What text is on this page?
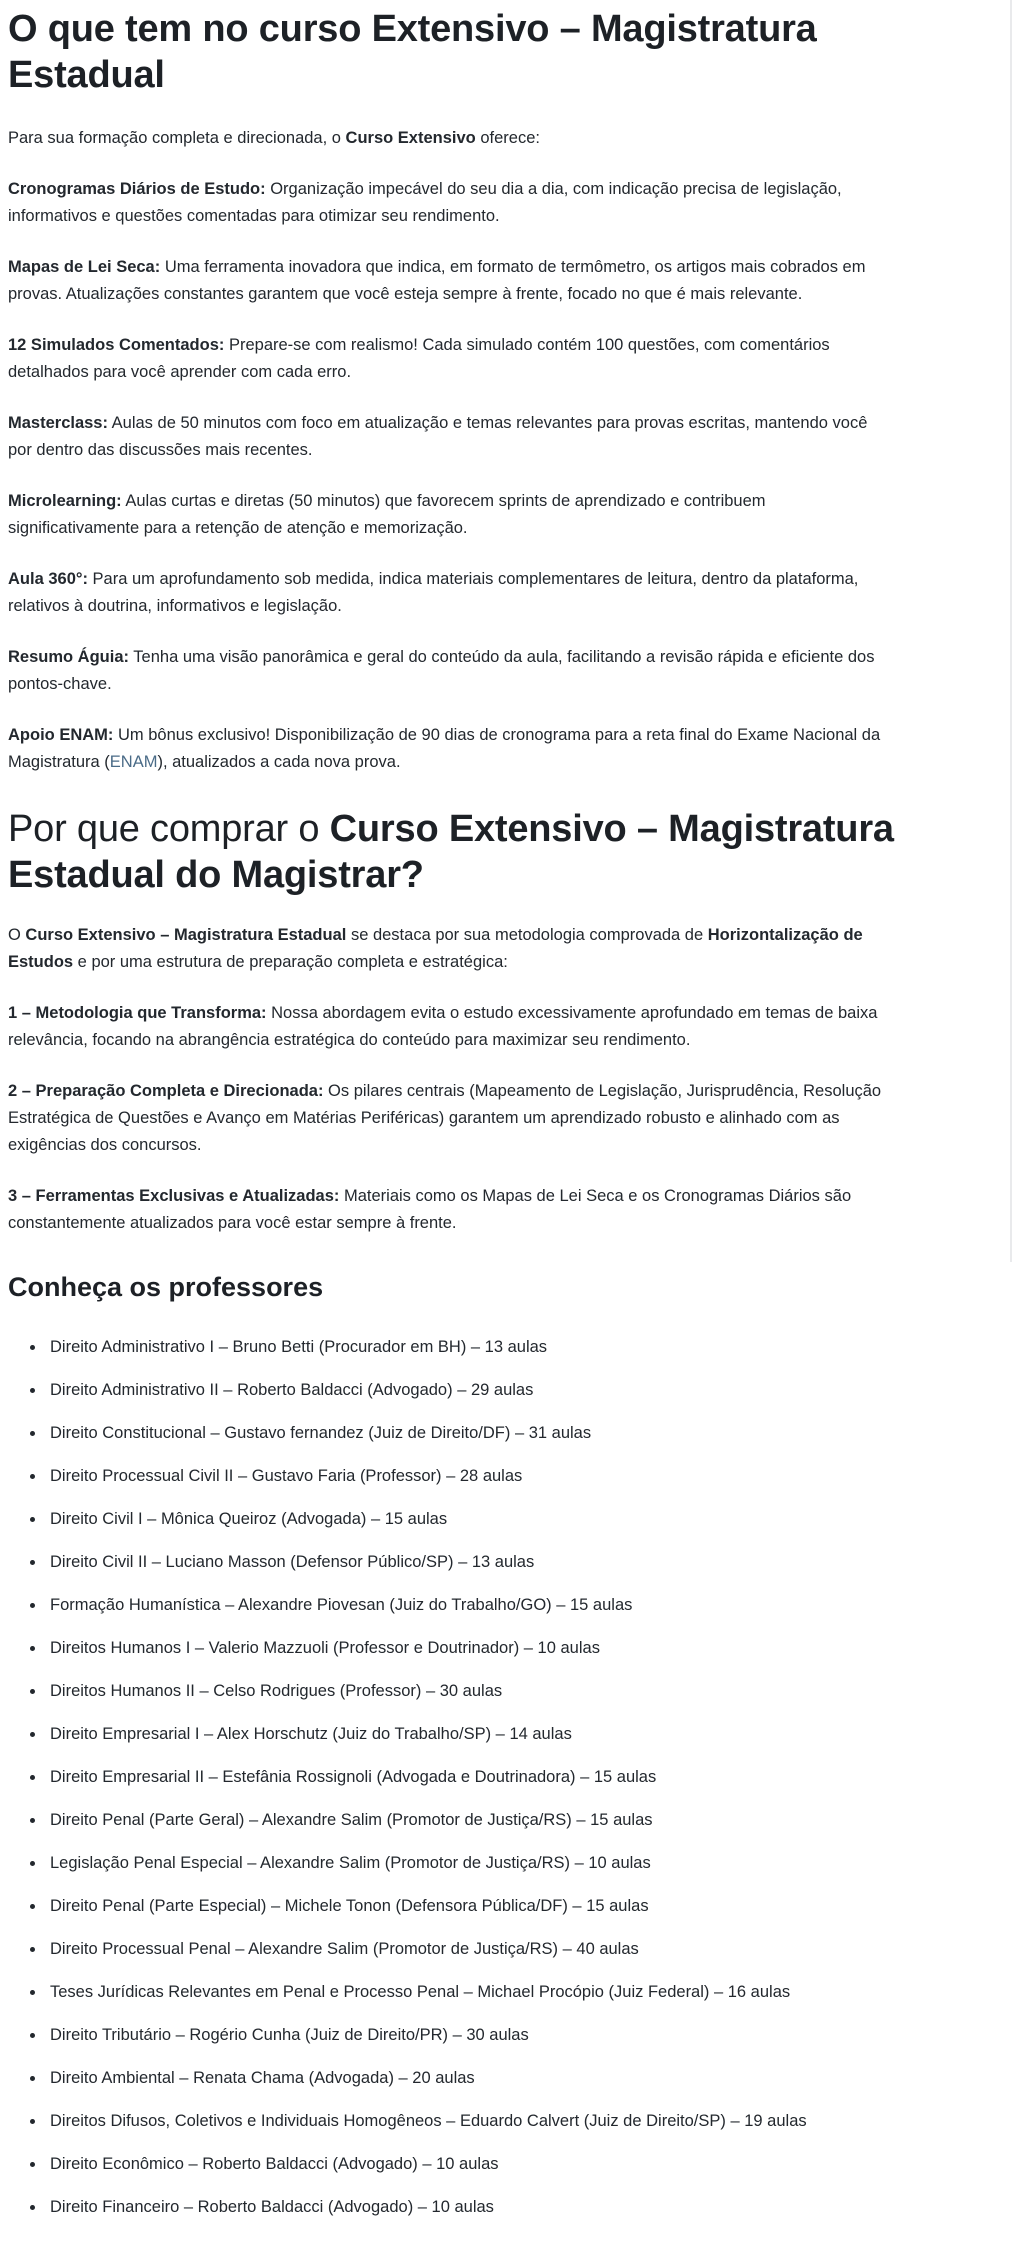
O que tem no curso Extensivo – Magistratura Estadual

Para sua formação completa e direcionada, o Curso Extensivo oferece:

Cronogramas Diários de Estudo: Organização impecável do seu dia a dia, com indicação precisa de legislação, informativos e questões comentadas para otimizar seu rendimento.

Mapas de Lei Seca: Uma ferramenta inovadora que indica, em formato de termômetro, os artigos mais cobrados em provas. Atualizações constantes garantem que você esteja sempre à frente, focado no que é mais relevante.

12 Simulados Comentados: Prepare-se com realismo! Cada simulado contém 100 questões, com comentários detalhados para você aprender com cada erro.

Masterclass: Aulas de 50 minutos com foco em atualização e temas relevantes para provas escritas, mantendo você por dentro das discussões mais recentes.

Microlearning: Aulas curtas e diretas (50 minutos) que favorecem sprints de aprendizado e contribuem significativamente para a retenção de atenção e memorização.

Aula 360°: Para um aprofundamento sob medida, indica materiais complementares de leitura, dentro da plataforma, relativos à doutrina, informativos e legislação.

Resumo Águia: Tenha uma visão panorâmica e geral do conteúdo da aula, facilitando a revisão rápida e eficiente dos pontos-chave.

Apoio ENAM: Um bônus exclusivo! Disponibilização de 90 dias de cronograma para a reta final do Exame Nacional da Magistratura (ENAM), atualizados a cada nova prova.

Por que comprar o Curso Extensivo – Magistratura Estadual do Magistrar?

O Curso Extensivo – Magistratura Estadual se destaca por sua metodologia comprovada de Horizontalização de Estudos e por uma estrutura de preparação completa e estratégica:

1 – Metodologia que Transforma: Nossa abordagem evita o estudo excessivamente aprofundado em temas de baixa relevância, focando na abrangência estratégica do conteúdo para maximizar seu rendimento.

2 – Preparação Completa e Direcionada: Os pilares centrais (Mapeamento de Legislação, Jurisprudência, Resolução Estratégica de Questões e Avanço em Matérias Periféricas) garantem um aprendizado robusto e alinhado com as exigências dos concursos.

3 – Ferramentas Exclusivas e Atualizadas: Materiais como os Mapas de Lei Seca e os Cronogramas Diários são constantemente atualizados para você estar sempre à frente.

Conheça os professores
• Direito Administrativo I – Bruno Betti (Procurador em BH) – 13 aulas
• Direito Administrativo II – Roberto Baldacci (Advogado) – 29 aulas
• Direito Constitucional – Gustavo fernandez (Juiz de Direito/DF) – 31 aulas
• Direito Processual Civil II – Gustavo Faria (Professor) – 28 aulas
• Direito Civil I – Mônica Queiroz (Advogada) – 15 aulas
• Direito Civil II – Luciano Masson (Defensor Público/SP) – 13 aulas
• Formação Humanística – Alexandre Piovesan (Juiz do Trabalho/GO) – 15 aulas
• Direitos Humanos I – Valerio Mazzuoli (Professor e Doutrinador) – 10 aulas
• Direitos Humanos II – Celso Rodrigues (Professor) – 30 aulas
• Direito Empresarial I – Alex Horschutz (Juiz do Trabalho/SP) – 14 aulas
• Direito Empresarial II – Estefânia Rossignoli (Advogada e Doutrinadora) – 15 aulas
• Direito Penal (Parte Geral) – Alexandre Salim (Promotor de Justiça/RS) – 15 aulas
• Legislação Penal Especial – Alexandre Salim (Promotor de Justiça/RS) – 10 aulas
• Direito Penal (Parte Especial) – Michele Tonon (Defensora Pública/DF) – 15 aulas
• Direito Processual Penal – Alexandre Salim (Promotor de Justiça/RS) – 40 aulas
• Teses Jurídicas Relevantes em Penal e Processo Penal – Michael Procópio (Juiz Federal) – 16 aulas
• Direito Tributário – Rogério Cunha (Juiz de Direito/PR) – 30 aulas
• Direito Ambiental – Renata Chama (Advogada) – 20 aulas
• Direitos Difusos, Coletivos e Individuais Homogêneos – Eduardo Calvert (Juiz de Direito/SP) – 19 aulas
• Direito Econômico – Roberto Baldacci (Advogado) – 10 aulas
• Direito Financeiro – Roberto Baldacci (Advogado) – 10 aulas
